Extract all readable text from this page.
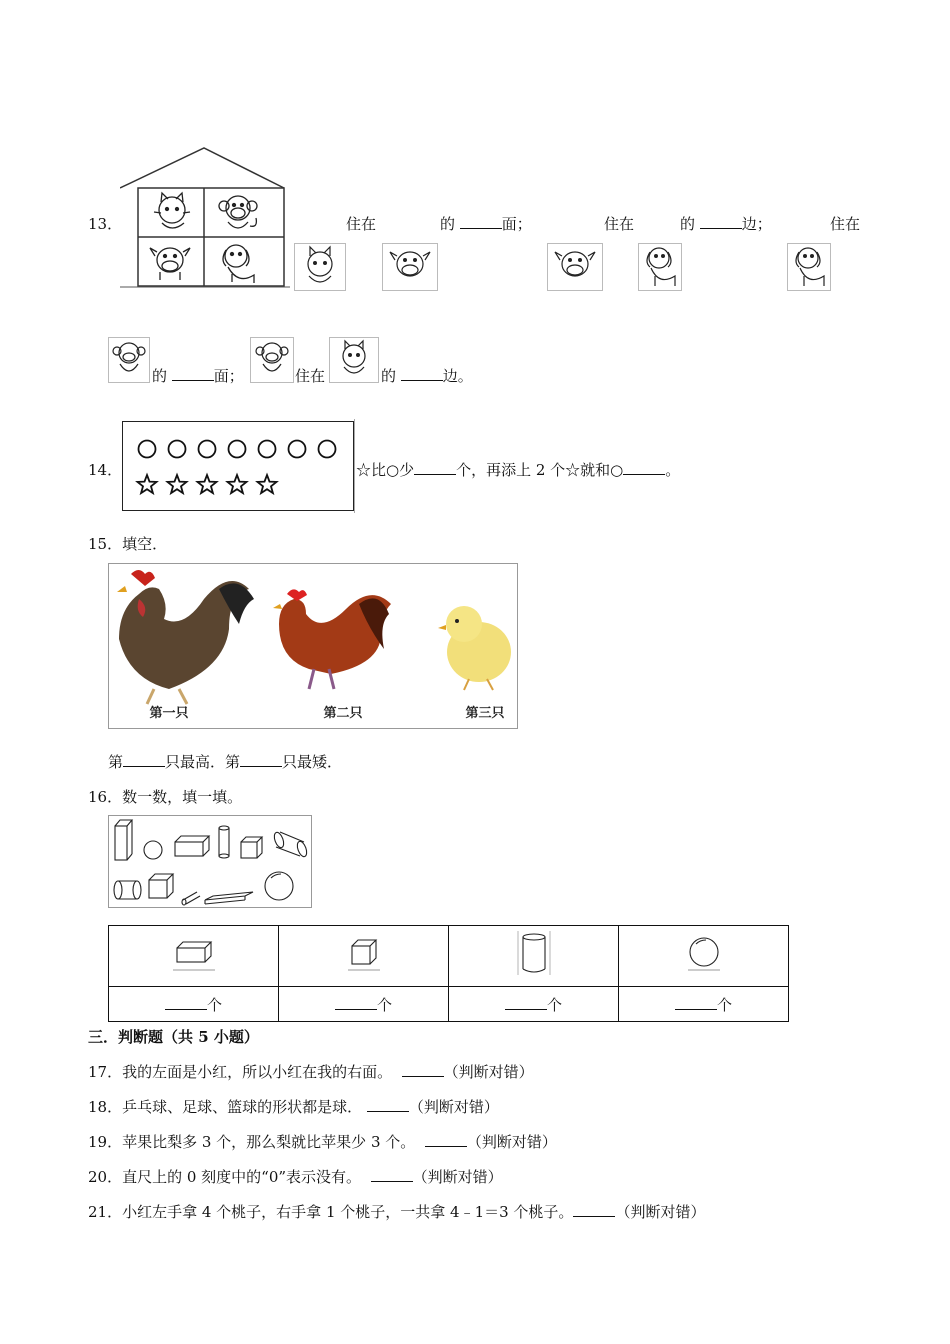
13．	住在	的	面；	住在	的	边；	住在
的	面；	住在	的	边。
14．	☆比○少	个，再添上 2 个☆就和○	。
15．填空．
第一只	第二只	第三只
第	只最高．第	只最矮．
16．数一数，填一填。

个	个	个	个
三．判断题（共 5 小题）
17．我的左面是小红，所以小红在我的右面。	（判断对错）
18．乒乓球、足球、篮球的形状都是球．	（判断对错）
19．苹果比梨多 3 个，那么梨就比苹果少 3 个。	（判断对错）
20．直尺上的 0 刻度中的“0”表示没有。	（判断对错）
21．小红左手拿 4 个桃子，右手拿 1 个桃子，一共拿 4﹣1＝3 个桃子。	（判断对错）
